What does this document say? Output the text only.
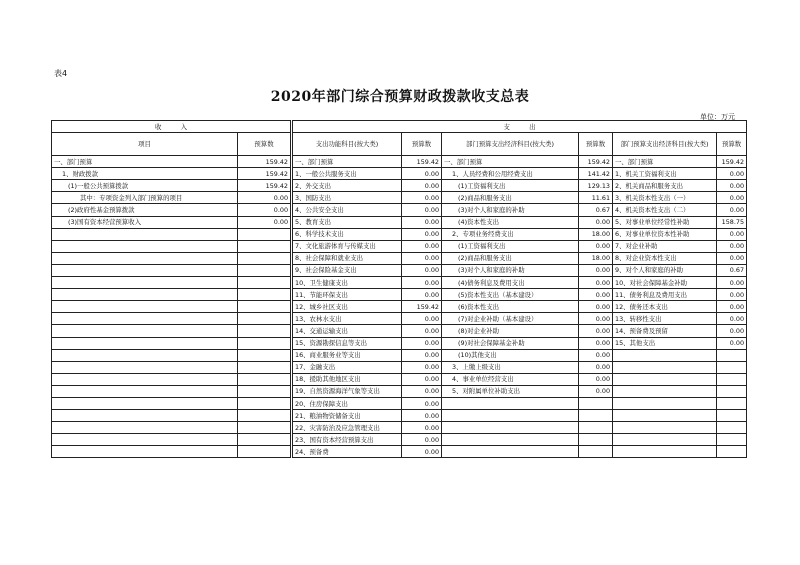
表4
2020年部门综合预算财政拨款收支总表
单位：万元
收　　　入			支　　　出					
项目	预算数		支出功能科目(按大类)	预算数	部门预算支出经济科目(按大类)	预算数	部门预算支出经济科目(按大类)	预算数
一、部门预算	159.42		一、部门预算	159.42	一、部门预算	159.42	一、部门预算	159.42
1、财政拨款	159.42		1、一般公共服务支出	0.00	1、人员经费和公用经费支出	141.42	1、机关工资福利支出	0.00
(1)一般公共预算拨款	159.42		2、外交支出	0.00	(1)工资福利支出	129.13	2、机关商品和服务支出	0.00
其中：专项资金列入部门预算的项目	0.00		3、国防支出	0.00	(2)商品和服务支出	11.61	3、机关资本性支出（一）	0.00
(2)政府性基金预算拨款	0.00		4、公共安全支出	0.00	(3)对个人和家庭的补助	0.67	4、机关资本性支出（二）	0.00
(3)国有资本经营预算收入	0.00		5、教育支出	0.00	(4)资本性支出	0.00	5、对事业单位经常性补助	158.75
			6、科学技术支出	0.00	2、专项业务经费支出	18.00	6、对事业单位资本性补助	0.00
			7、文化旅游体育与传媒支出	0.00	(1)工资福利支出	0.00	7、对企业补助	0.00
			8、社会保障和就业支出	0.00	(2)商品和服务支出	18.00	8、对企业资本性支出	0.00
			9、社会保险基金支出	0.00	(3)对个人和家庭的补助	0.00	9、对个人和家庭的补助	0.67
			10、卫生健康支出	0.00	(4)债务利息及费用支出	0.00	10、对社会保障基金补助	0.00
			11、节能环保支出	0.00	(5)资本性支出（基本建设）	0.00	11、债务利息及费用支出	0.00
			12、城乡社区支出	159.42	(6)资本性支出	0.00	12、债务还本支出	0.00
			13、农林水支出	0.00	(7)对企业补助（基本建设）	0.00	13、转移性支出	0.00
			14、交通运输支出	0.00	(8)对企业补助	0.00	14、预备费及预留	0.00
			15、资源勘探信息等支出	0.00	(9)对社会保障基金补助	0.00	15、其他支出	0.00
			16、商业服务业等支出	0.00	(10)其他支出	0.00		
			17、金融支出	0.00	3、上缴上级支出	0.00		
			18、援助其他地区支出	0.00	4、事业单位经营支出	0.00		
			19、自然资源海洋气象等支出	0.00	5、对附属单位补助支出	0.00		
			20、住房保障支出	0.00				
			21、粮油物资储备支出	0.00				
			22、灾害防治及应急管理支出	0.00				
			23、国有资本经营预算支出	0.00				
			24、预备费	0.00				
